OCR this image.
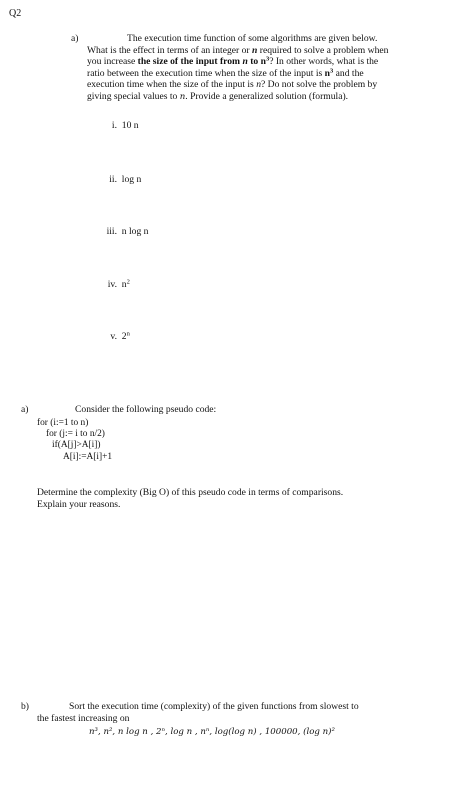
Q2
a)	The execution time function of some algorithms are given below.
What is the effect in terms of an integer or n required to solve a problem when
you increase the size of the input from n to $n^3$? In other words, what is the
ratio between the execution time when the size of the input is $n^3$ and the
execution time when the size of the input is n? Do not solve the problem by
giving special values to n. Provide a generalized solution (formula).
i. 10 n
ii. log n
iii. n log n
iv. $n^2$
v. 2$^n$
a)	Consider the following pseudo code:
for (i:=1 to n)
for (j:= i to n/2)
if(A[j]>A[i])
A[i]:=A[i]+1
Determine the complexity (Big O) of this pseudo code in terms of comparisons.
Explain your reasons.
b)	Sort the execution time (complexity) of the given functions from slowest to
the fastest increasing on
n³, n², n log n , 2ⁿ, log n , nⁿ, log(log n) , 100000, (log n)²
